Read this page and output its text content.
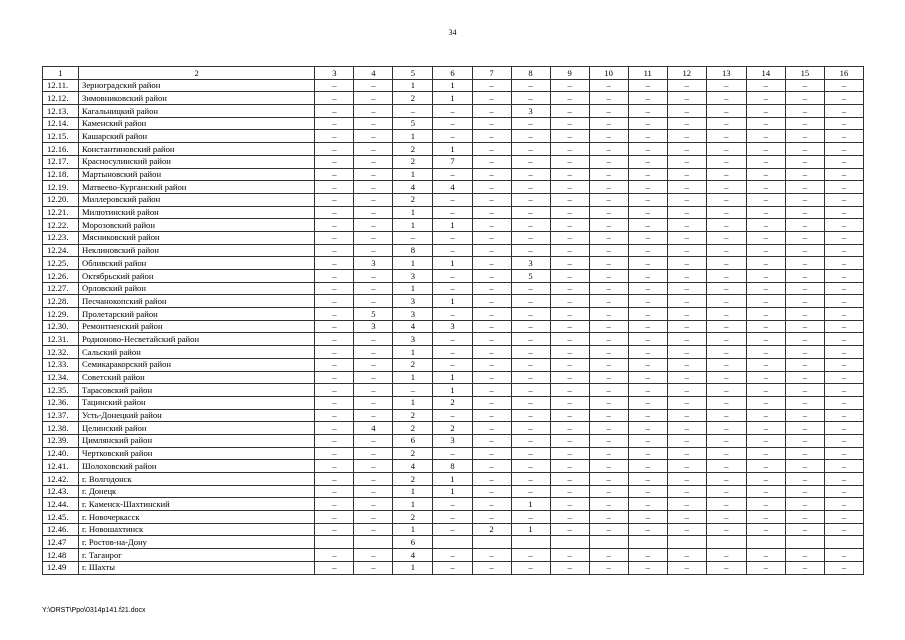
34
1	2	3	4	5	6	7	8	9	10	11	12	13	14	15	16
12.11.	Зерноградский район	–	–	1	1	–	–	–	–	–	–	–	–	–	–
12.12.	Зимовниковский район	–	–	2	1	–	–	–	–	–	–	–	–	–	–
12.13.	Кагальницкий район	–	–	–	–	–	3	–	–	–	–	–	–	–	–
12.14.	Каменский район	–	–	5	–	–	–	–	–	–	–	–	–	–	–
12.15.	Кашарский район	–	–	1	–	–	–	–	–	–	–	–	–	–	–
12.16.	Константиновский район	–	–	2	1	–	–	–	–	–	–	–	–	–	–
12.17.	Красносулинский район	–	–	2	7	–	–	–	–	–	–	–	–	–	–
12.18.	Мартыновский район	–	–	1	–	–	–	–	–	–	–	–	–	–	–
12.19.	Матвеево-Курганский район	–	–	4	4	–	–	–	–	–	–	–	–	–	–
12.20.	Миллеровский район	–	–	2	–	–	–	–	–	–	–	–	–	–	–
12.21.	Милютинский район	–	–	1	–	–	–	–	–	–	–	–	–	–	–
12.22.	Морозовский район	–	–	1	1	–	–	–	–	–	–	–	–	–	–
12.23.	Мясниковский район	–	–	–	–	–	–	–	–	–	–	–	–	–	–
12.24.	Неклиновский район	–	–	8	–	–	–	–	–	–	–	–	–	–	–
12.25.	Обливский район	–	3	1	1	–	3	–	–	–	–	–	–	–	–
12.26.	Октябрьский район	–	–	3	–	–	5	–	–	–	–	–	–	–	–
12.27.	Орловский район	–	–	1	–	–	–	–	–	–	–	–	–	–	–
12.28.	Песчанокопский район	–	–	3	1	–	–	–	–	–	–	–	–	–	–
12.29.	Пролетарский район	–	5	3	–	–	–	–	–	–	–	–	–	–	–
12.30.	Ремонтненский район	–	3	4	3	–	–	–	–	–	–	–	–	–	–
12.31.	Родионово-Несветайский район	–	–	3	–	–	–	–	–	–	–	–	–	–	–
12.32.	Сальский район	–	–	1	–	–	–	–	–	–	–	–	–	–	–
12.33.	Семикаракорский район	–	–	2	–	–	–	–	–	–	–	–	–	–	–
12.34.	Советский район	–	–	1	1	–	–	–	–	–	–	–	–	–	–
12.35.	Тарасовский район	–	–	–	1	–	–	–	–	–	–	–	–	–	–
12.36.	Тацинский район	–	–	1	2	–	–	–	–	–	–	–	–	–	–
12.37.	Усть-Донецкий район	–	–	2	–	–	–	–	–	–	–	–	–	–	–
12.38.	Целинский район	–	4	2	2	–	–	–	–	–	–	–	–	–	–
12.39.	Цимлянский район	–	–	6	3	–	–	–	–	–	–	–	–	–	–
12.40.	Чертковский район	–	–	2	–	–	–	–	–	–	–	–	–	–	–
12.41.	Шолоховский район	–	–	4	8	–	–	–	–	–	–	–	–	–	–
12.42.	г. Волгодонск	–	–	2	1	–	–	–	–	–	–	–	–	–	–
12.43.	г. Донецк	–	–	1	1	–	–	–	–	–	–	–	–	–	–
12.44.	г. Каменск-Шахтинский	–	–	1	–	–	1	–	–	–	–	–	–	–	–
12.45.	г. Новочеркасск	–	–	2	–	–	–	–	–	–	–	–	–	–	–
12.46.	г. Новошахтинск	–	–	1	–	2	1	–	–	–	–	–	–	–	–
12.47	г. Ростов-на-Дону			6											
12.48	г. Таганрог	–	–	4	–	–	–	–	–	–	–	–	–	–	–
12.49	г. Шахты	–	–	1	–	–	–	–	–	–	–	–	–	–	–
Y:\ORST\Ppo\0314p141.f21.docx
